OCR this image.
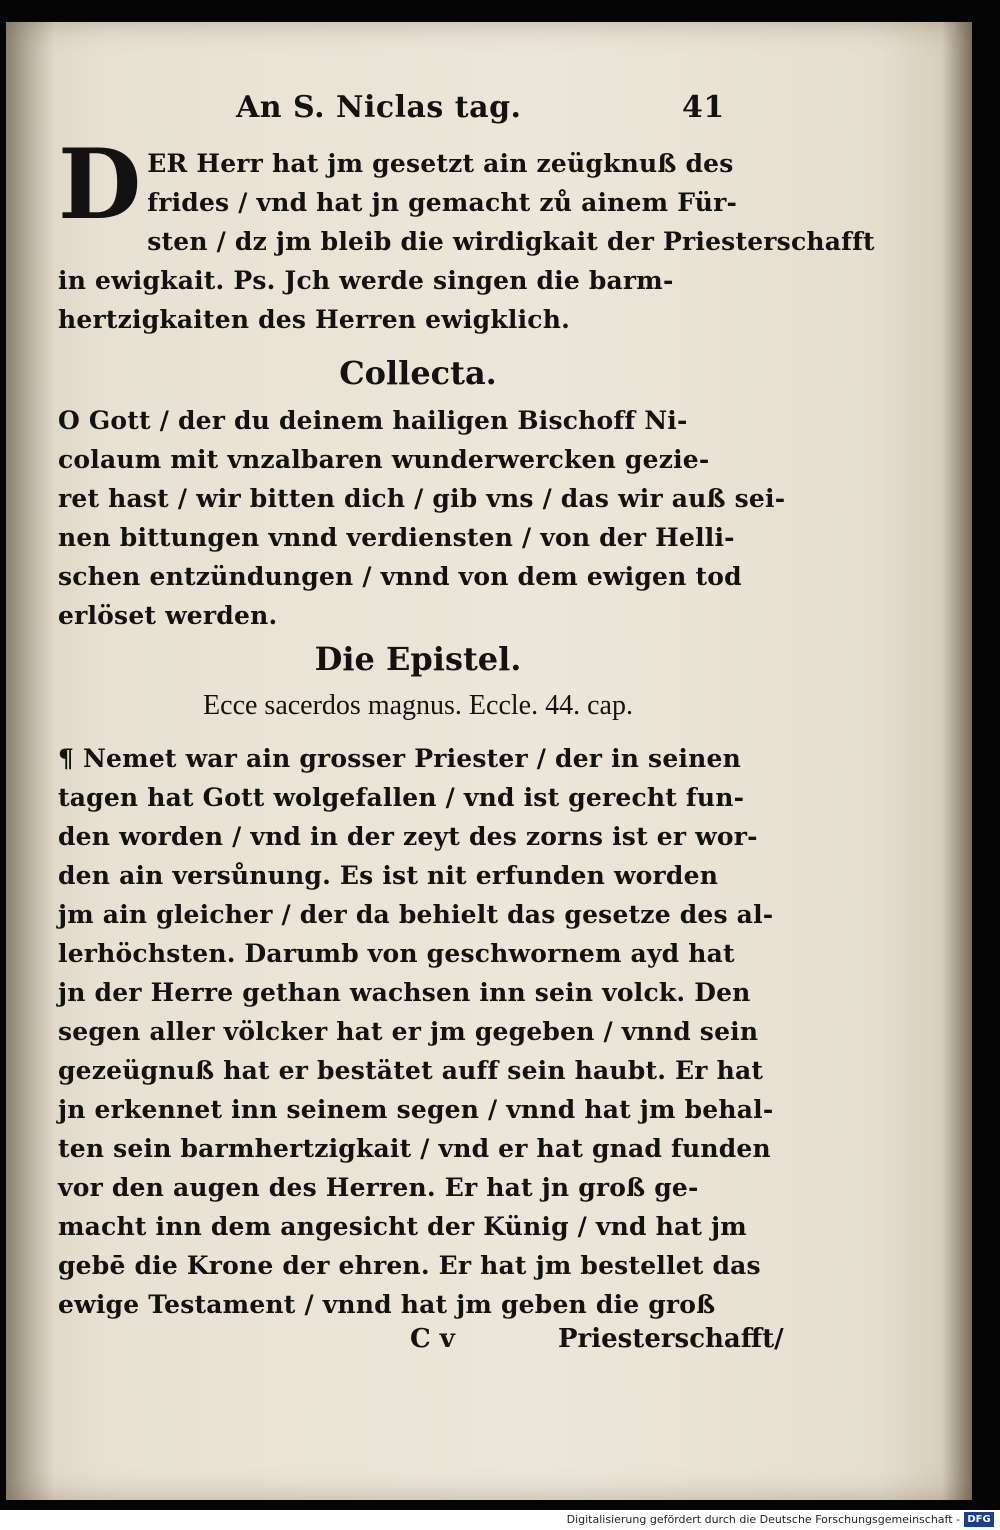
An S. Niclas tag.	41
D ER Herr hat jm gesetzt ain zeügknuß des
frides / vnd hat jn gemacht zů ainem Für-
sten / dz jm bleib die wirdigkait der Priesterschafft
in ewigkait. Ps. Jch werde singen die barm-
hertzigkaiten des Herren ewigklich.
Collecta.
O Gott / der du deinem hailigen Bischoff Ni-
colaum mit vnzalbaren wunderwercken gezie-
ret hast / wir bitten dich / gib vns / das wir auß sei-
nen bittungen vnnd verdiensten / von der Helli-
schen entzündungen / vnnd von dem ewigen tod
erlöset werden.
Die Epistel.
Ecce sacerdos magnus. Eccle. 44. cap.
¶ Nemet war ain grosser Priester / der in seinen
tagen hat Gott wolgefallen / vnd ist gerecht fun-
den worden / vnd in der zeyt des zorns ist er wor-
den ain versůnung. Es ist nit erfunden worden
jm ain gleicher / der da behielt das gesetze des al-
lerhöchsten. Darumb von geschwornem ayd hat
jn der Herre gethan wachsen inn sein volck. Den
segen aller völcker hat er jm gegeben / vnnd sein
gezeügnuß hat er bestätet auff sein haubt. Er hat
jn erkennet inn seinem segen / vnnd hat jm behal-
ten sein barmhertzigkait / vnd er hat gnad funden
vor den augen des Herren. Er hat jn groß ge-
macht inn dem angesicht der Künig / vnd hat jm
gebē die Krone der ehren. Er hat jm bestellet das
ewige Testament / vnnd hat jm geben die groß
C v	Priesterschafft/
Digitalisierung gefördert durch die Deutsche Forschungsgemeinschaft - DFG
